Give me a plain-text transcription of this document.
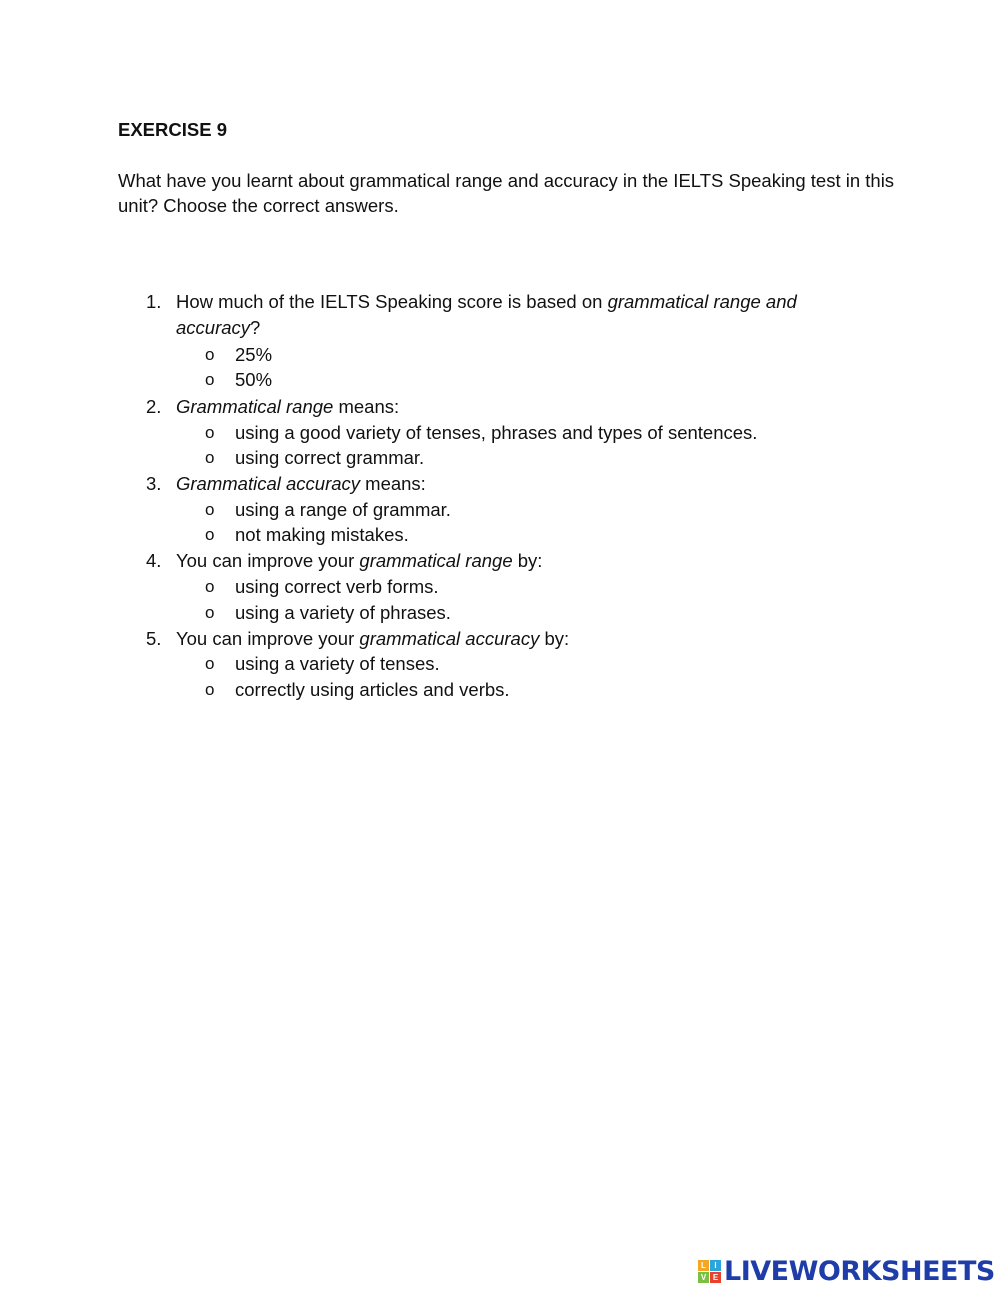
EXERCISE 9

What have you learnt about grammatical range and accuracy in the IELTS Speaking test in this unit? Choose the correct answers.

1. How much of the IELTS Speaking score is based on grammatical range and accuracy?
o 25%
o 50%
2. Grammatical range means:
o using a good variety of tenses, phrases and types of sentences.
o using correct grammar.
3. Grammatical accuracy means:
o using a range of grammar.
o not making mistakes.
4. You can improve your grammatical range by:
o using correct verb forms.
o using a variety of phrases.
5. You can improve your grammatical accuracy by:
o using a variety of tenses.
o correctly using articles and verbs.
L	I
V E LIVEWORKSHEETS
